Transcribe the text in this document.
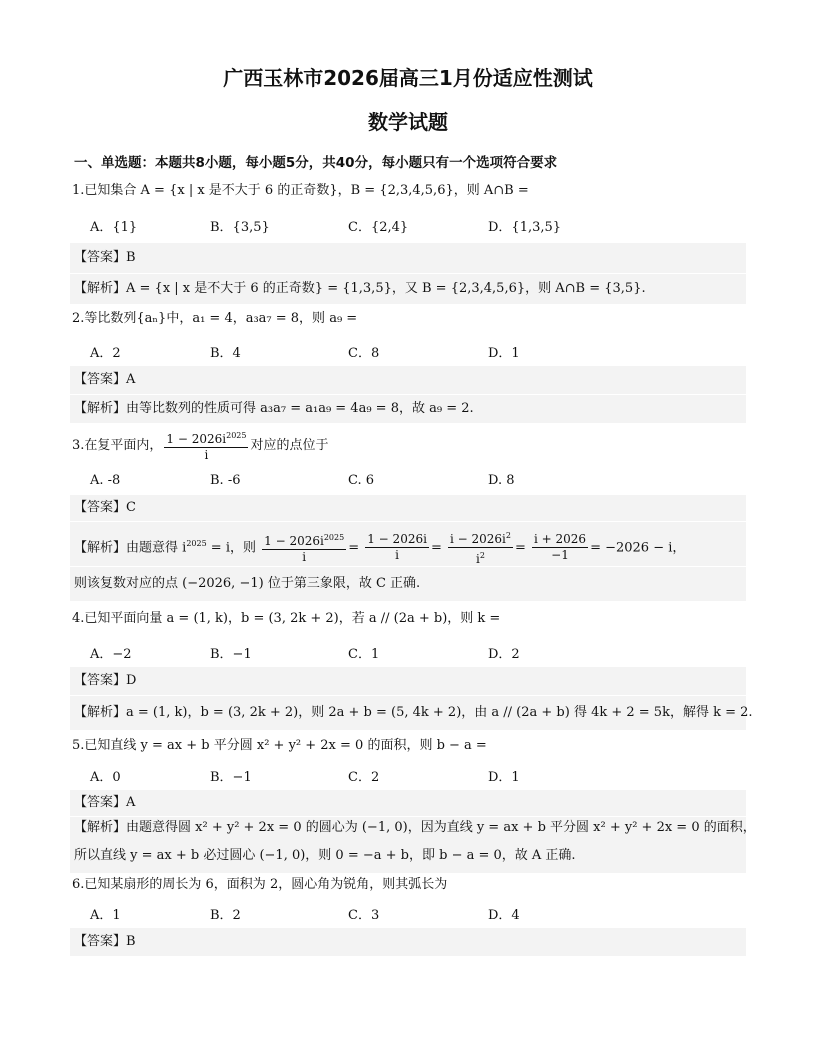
广西玉林市2026届高三1月份适应性测试
数学试题
一、单选题：本题共8小题，每小题5分，共40分，每小题只有一个选项符合要求
1.已知集合 A = {x | x 是不大于 6 的正奇数}，B = {2,3,4,5,6}，则 A∩B =
A．{1}	B．{3,5}	C．{2,4}	D．{1,3,5}
【答案】B
【解析】A = {x | x 是不大于 6 的正奇数} = {1,3,5}，又 B = {2,3,4,5,6}，则 A∩B = {3,5}.
2.等比数列{aₙ}中，a₁ = 4，a₃a₇ = 8，则 a₉ =
A．2	B．4	C．8	D．1
【答案】A
【解析】由等比数列的性质可得 a₃a₇ = a₁a₉ = 4a₉ = 8，故 a₉ = 2.
3.在复平面内， $\frac{1 - 2026i^{2025}}{i}$ 对应的点位于
A. -8	B. -6	C. 6	D. 8
【答案】C
【解析】由题意得 $i^{2025} = i$，则 $\frac{1 - 2026i^{2025}}{i} = \frac{1 - 2026i}{i} = \frac{i - 2026i^2}{i^2} = \frac{i + 2026}{-1} = -2026 - i$，
则该复数对应的点 (−2026, −1) 位于第三象限，故 C 正确.
4.已知平面向量 a = (1, k)，b = (3, 2k + 2)，若 a // (2a + b)，则 k =
A．−2	B．−1	C．1	D．2
【答案】D
【解析】a = (1, k)，b = (3, 2k + 2)，则 2a + b = (5, 4k + 2)，由 a // (2a + b) 得 4k + 2 = 5k，解得 k = 2.
5.已知直线 y = ax + b 平分圆 x² + y² + 2x = 0 的面积，则 b − a =
A．0	B．−1	C．2	D．1
【答案】A
【解析】由题意得圆 x² + y² + 2x = 0 的圆心为 (−1, 0)，因为直线 y = ax + b 平分圆 x² + y² + 2x = 0 的面积，
所以直线 y = ax + b 必过圆心 (−1, 0)，则 0 = −a + b，即 b − a = 0，故 A 正确.
6.已知某扇形的周长为 6，面积为 2，圆心角为锐角，则其弧长为
A．1	B．2	C．3	D．4
【答案】B
